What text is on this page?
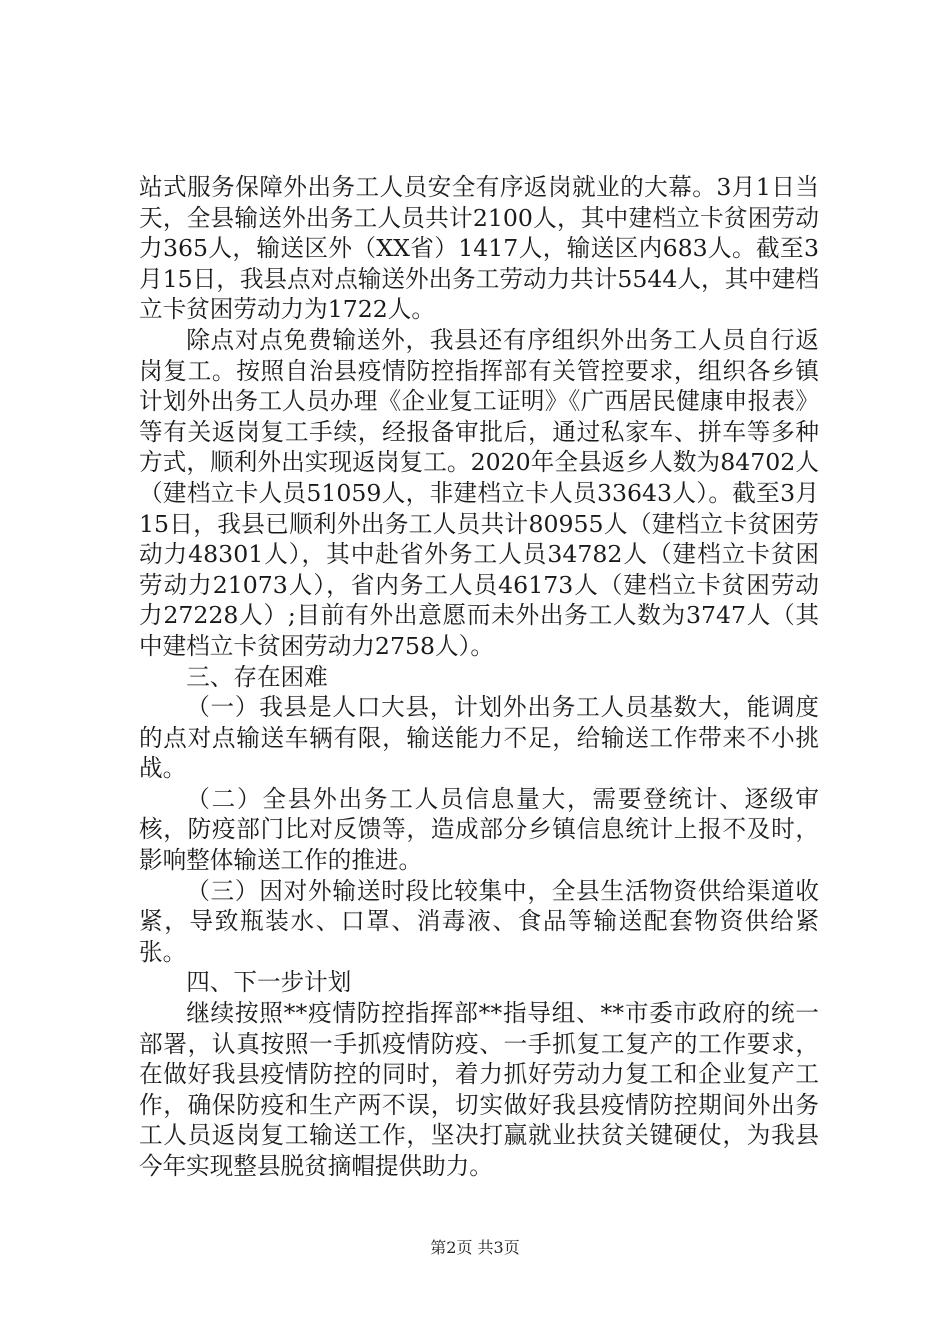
站式服务保障外出务工人员安全有序返岗就业的大幕。3月1日当天，全县输送外出务工人员共计2100人，其中建档立卡贫困劳动力365人，输送区外（XX省）1417人，输送区内683人。截至3月15日，我县点对点输送外出务工劳动力共计5544人，其中建档立卡贫困劳动力为1722人。

除点对点免费输送外，我县还有序组织外出务工人员自行返岗复工。按照自治县疫情防控指挥部有关管控要求，组织各乡镇计划外出务工人员办理《企业复工证明》《广西居民健康申报表》等有关返岗复工手续，经报备审批后，通过私家车、拼车等多种方式，顺利外出实现返岗复工。2020年全县返乡人数为84702人（建档立卡人员51059人，非建档立卡人员33643人）。截至3月15日，我县已顺利外出务工人员共计80955人（建档立卡贫困劳动力48301人），其中赴省外务工人员34782人（建档立卡贫困劳动力21073人），省内务工人员46173人（建档立卡贫困劳动力27228人）;目前有外出意愿而未外出务工人数为3747人（其中建档立卡贫困劳动力2758人）。

三、存在困难

（一）我县是人口大县，计划外出务工人员基数大，能调度的点对点输送车辆有限，输送能力不足，给输送工作带来不小挑战。

（二）全县外出务工人员信息量大，需要登统计、逐级审核，防疫部门比对反馈等，造成部分乡镇信息统计上报不及时，影响整体输送工作的推进。

（三）因对外输送时段比较集中，全县生活物资供给渠道收紧，导致瓶装水、口罩、消毒液、食品等输送配套物资供给紧张。

四、下一步计划

继续按照**疫情防控指挥部**指导组、**市委市政府的统一部署，认真按照一手抓疫情防疫、一手抓复工复产的工作要求，在做好我县疫情防控的同时，着力抓好劳动力复工和企业复产工作，确保防疫和生产两不误，切实做好我县疫情防控期间外出务工人员返岗复工输送工作，坚决打赢就业扶贫关键硬仗，为我县今年实现整县脱贫摘帽提供助力。

第2页 共3页
